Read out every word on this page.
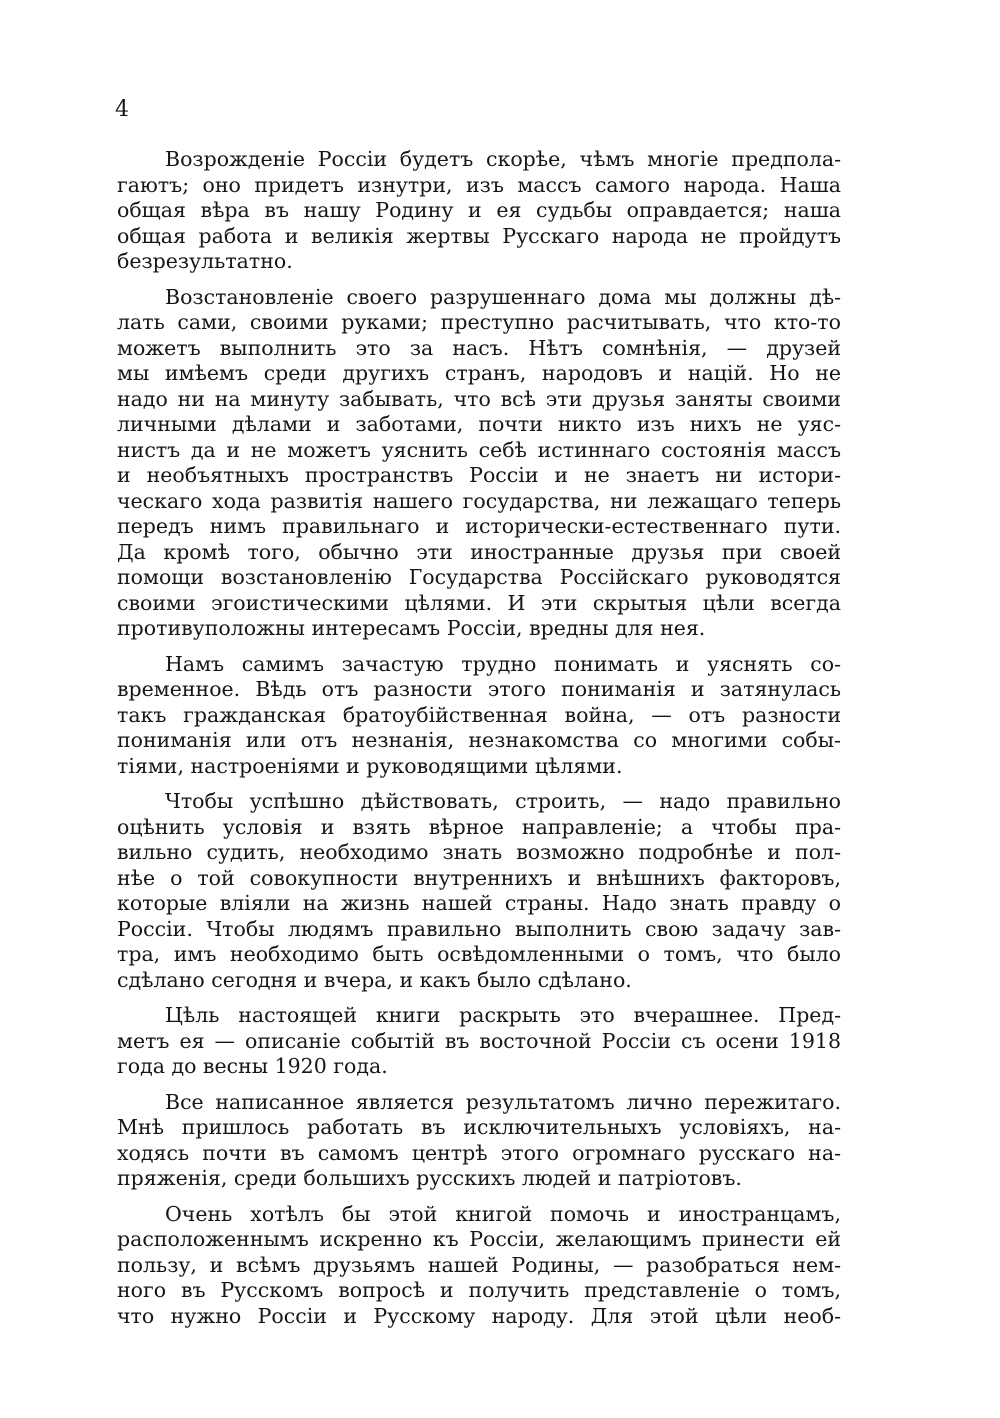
4

Возрожденіе Россіи будетъ скорѣе, чѣмъ многіе предпола-
гаютъ; оно придетъ изнутри, изъ массъ самого народа. Наша
общая вѣра въ нашу Родину и ея судьбы оправдается; наша
общая работа и великія жертвы Русскаго народа не пройдутъ
безрезультатно.
Возстановленіе своего разрушеннаго дома мы должны дѣ-
лать сами, своими руками; преступно расчитывать, что кто-то
можетъ выполнить это за насъ. Нѣтъ сомнѣнія, — друзей
мы имѣемъ среди другихъ странъ, народовъ и націй. Но не
надо ни на минуту забывать, что всѣ эти друзья заняты своими
личными дѣлами и заботами, почти никто изъ нихъ не уяс-
нистъ да и не можетъ уяснить себѣ истиннаго состоянія массъ
и необъятныхъ пространствъ Россіи и не знаетъ ни истори-
ческаго хода развитія нашего государства, ни лежащаго теперь
передъ нимъ правильнаго и исторически-естественнаго пути.
Да кромѣ того, обычно эти иностранные друзья при своей
помощи возстановленію Государства Россійскаго руководятся
своими эгоистическими цѣлями. И эти скрытыя цѣли всегда
противуположны интересамъ Россіи, вредны для нея.
Намъ самимъ зачастую трудно понимать и уяснять со-
временное. Вѣдь отъ разности этого пониманія и затянулась
такъ гражданская братоубійственная война, — отъ разности
пониманія или отъ незнанія, незнакомства со многими собы-
тіями, настроеніями и руководящими цѣлями.
Чтобы успѣшно дѣйствовать, строить, — надо правильно
оцѣнить условія и взять вѣрное направленіе; а чтобы пра-
вильно судить, необходимо знать возможно подробнѣе и пол-
нѣе о той совокупности внутреннихъ и внѣшнихъ факторовъ,
которые вліяли на жизнь нашей страны. Надо знать правду о
Россіи. Чтобы людямъ правильно выполнить свою задачу зав-
тра, имъ необходимо быть освѣдомленными о томъ, что было
сдѣлано сегодня и вчера, и какъ было сдѣлано.
Цѣль настоящей книги раскрыть это вчерашнее. Пред-
метъ ея — описаніе событій въ восточной Россіи съ осени 1918
года до весны 1920 года.
Все написанное является результатомъ лично пережитаго.
Мнѣ пришлось работать въ исключительныхъ условіяхъ, на-
ходясь почти въ самомъ центрѣ этого огромнаго русскаго на-
пряженія, среди большихъ русскихъ людей и патріотовъ.
Очень хотѣлъ бы этой книгой помочь и иностранцамъ,
расположеннымъ искренно къ Россіи, желающимъ принести ей
пользу, и всѣмъ друзьямъ нашей Родины, — разобраться нем-
ного въ Русскомъ вопросѣ и получить представленіе о томъ,
что нужно Россіи и Русскому народу. Для этой цѣли необ-
